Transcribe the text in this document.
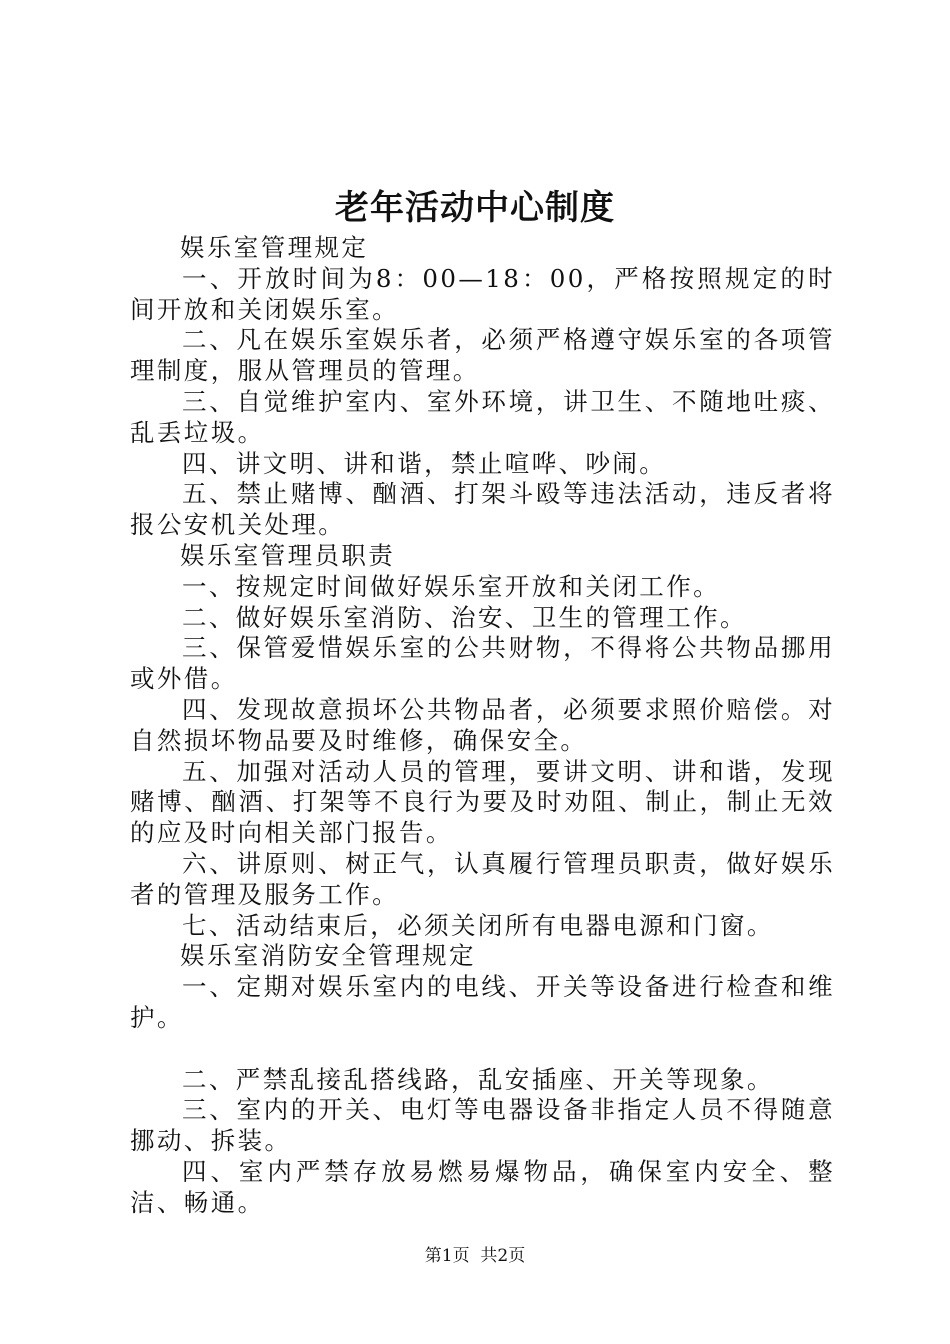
老年活动中心制度

娱乐室管理规定

一、开放时间为8：00—18：00，严格按照规定的时间开放和关闭娱乐室。

二、凡在娱乐室娱乐者，必须严格遵守娱乐室的各项管理制度，服从管理员的管理。

三、自觉维护室内、室外环境，讲卫生、不随地吐痰、乱丢垃圾。

四、讲文明、讲和谐，禁止喧哗、吵闹。

五、禁止赌博、酗酒、打架斗殴等违法活动，违反者将报公安机关处理。

娱乐室管理员职责

一、按规定时间做好娱乐室开放和关闭工作。

二、做好娱乐室消防、治安、卫生的管理工作。

三、保管爱惜娱乐室的公共财物，不得将公共物品挪用或外借。

四、发现故意损坏公共物品者，必须要求照价赔偿。对自然损坏物品要及时维修，确保安全。

五、加强对活动人员的管理，要讲文明、讲和谐，发现赌博、酗酒、打架等不良行为要及时劝阻、制止，制止无效的应及时向相关部门报告。

六、讲原则、树正气，认真履行管理员职责，做好娱乐者的管理及服务工作。

七、活动结束后，必须关闭所有电器电源和门窗。

娱乐室消防安全管理规定

一、定期对娱乐室内的电线、开关等设备进行检查和维护。

二、严禁乱接乱搭线路，乱安插座、开关等现象。

三、室内的开关、电灯等电器设备非指定人员不得随意挪动、拆装。

四、室内严禁存放易燃易爆物品，确保室内安全、整洁、畅通。

第1页  共2页
